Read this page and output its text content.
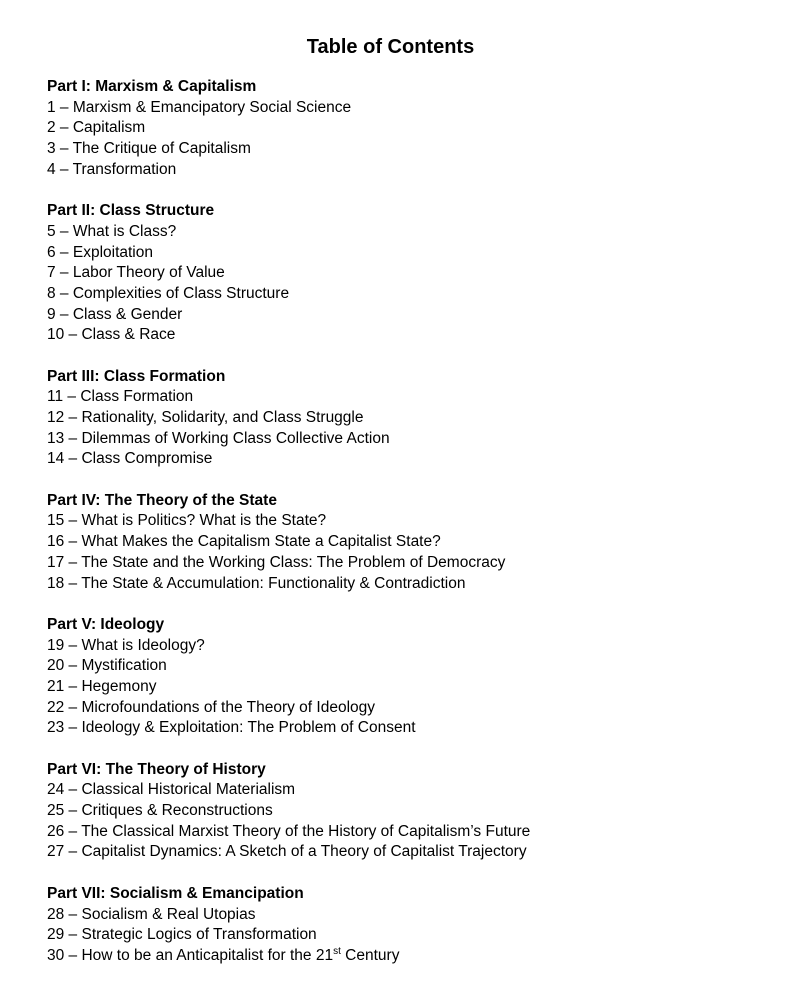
Table of Contents
Part I: Marxism & Capitalism
1 – Marxism & Emancipatory Social Science
2 – Capitalism
3 – The Critique of Capitalism
4 – Transformation
Part II: Class Structure
5 – What is Class?
6 – Exploitation
7 – Labor Theory of Value
8 – Complexities of Class Structure
9 – Class & Gender
10 – Class & Race
Part III: Class Formation
11 – Class Formation
12 – Rationality, Solidarity, and Class Struggle
13 – Dilemmas of Working Class Collective Action
14 – Class Compromise
Part IV: The Theory of the State
15 – What is Politics? What is the State?
16 – What Makes the Capitalism State a Capitalist State?
17 – The State and the Working Class: The Problem of Democracy
18 – The State & Accumulation: Functionality & Contradiction
Part V: Ideology
19 – What is Ideology?
20 – Mystification
21 – Hegemony
22 – Microfoundations of the Theory of Ideology
23 – Ideology & Exploitation: The Problem of Consent
Part VI: The Theory of History
24 – Classical Historical Materialism
25 – Critiques & Reconstructions
26 – The Classical Marxist Theory of the History of Capitalism’s Future
27 – Capitalist Dynamics: A Sketch of a Theory of Capitalist Trajectory
Part VII: Socialism & Emancipation
28 – Socialism & Real Utopias
29 – Strategic Logics of Transformation
30 – How to be an Anticapitalist for the 21st Century
